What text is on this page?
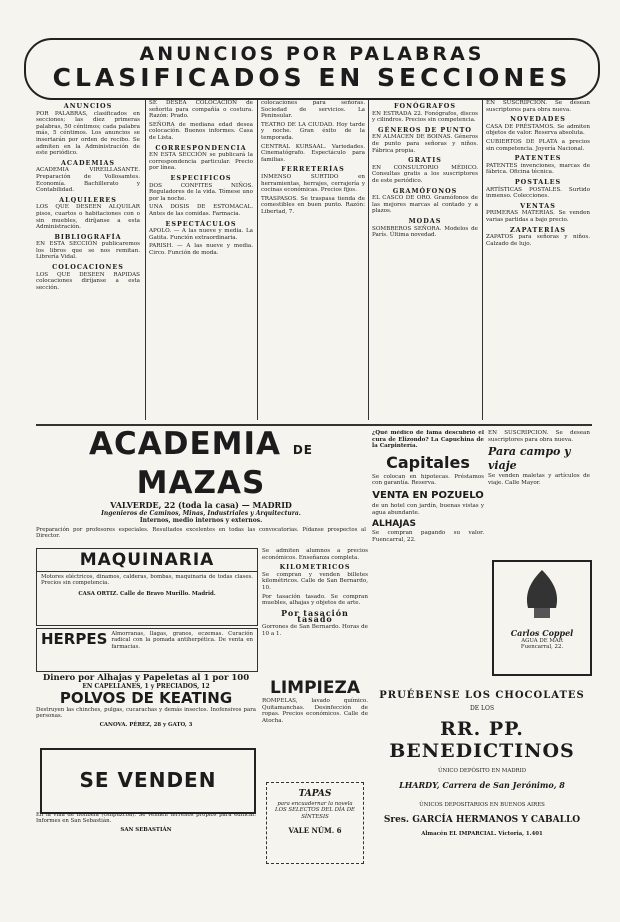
ANUNCIOS POR PALABRAS
CLASIFICADOS EN SECCIONES
ANUNCIOS
POR PALABRAS, clasificados en secciones; las diez primeras palabras, 50 céntimos; cada palabra más, 5 céntimos. Los anuncios se insertarán por orden de recibo. Se admiten en la Administración de este periódico.
ACADEMIAS
ACADEMIA VIREILLASANTE. Preparación de Vollosamtes. Economía. Bachillerato y Contabilidad.
ALQUILERES
LOS QUE DESEEN ALQUILAR pisos, cuartos o habitaciones con o sin muebles, diríjanse a esta Administración.
BIBLIOGRAFÍA
EN ESTA SECCIÓN publicaremos los libros que se nos remitan. Librería Vidal.
COLOCACIONES
LOS QUE DESEEN RAPIDAS colocaciones diríjanse a esta sección.
SE DESEA COLOCACIÓN de señorita para compañía o costura. Razón: Prado.
SEÑORA de mediana edad desea colocación. Buenos informes. Casa de Lista.
CORRESPONDENCIA
EN ESTA SECCIÓN se publicará la correspondencia particular. Precio por línea.
ESPECIFICOS
DOS CONFITES NIÑOS. Reguladores de la vida. Tómese uno por la noche.
UNA DOSIS DE ESTOMACAL. Antes de las comidas. Farmacia.
ESPECTÁCULOS
APOLO. — A las nueve y media. La Gatita. Función extraordinaria.
PARISH. — A las nueve y media. Circo. Función de moda.
colocaciones para señoras. Sociedad de servicios. La Peninsular.
TEATRO DE LA CIUDAD. Hoy tarde y noche. Gran éxito de la temporada.
CENTRAL KURSAAL. Variedades. Cinematógrafo. Espectáculo para familias.
FERRETERÍAS
INMENSO SURTIDO en herramientas, herrajes, cerrajería y cocinas económicas. Precios fijos.
TRASPASOS. Se traspasa tienda de comestibles en buen punto. Razón: Libertad, 7.
FONÓGRAFOS
EN ESTRADA 22. Fonógrafos, discos y cilindros. Precios sin competencia.
GÉNEROS DE PUNTO
EN ALMACEN DE BOINAS. Géneros de punto para señoras y niños. Fábrica propia.
GRATIS
EN CONSULTORIO MÉDICO. Consultas gratis a los suscriptores de este periódico.
GRAMÓFONOS
EL CASCO DE ORO. Gramófonos de las mejores marcas al contado y a plazos.
MODAS
SOMBREROS SEÑORA. Modelos de París. Última novedad.
EN SUSCRIPCIÓN. Se desean suscriptores para obra nueva.
NOVEDADES
CASA DE PRÉSTAMOS. Se admiten objetos de valor. Reserva absoluta.
CUBIERTOS DE PLATA a precios sin competencia. Joyería Nacional.
PATENTES
PATENTES invenciones, marcas de fábrica. Oficina técnica.
POSTALES
ARTÍSTICAS POSTALES. Surtido inmenso. Colecciones.
VENTAS
PRIMERAS MATERIAS. Se venden varias partidas a bajo precio.
ZAPATERÍAS
ZAPATOS para señoras y niños. Calzado de lujo.
ACADEMIA DE MAZAS
VALVERDE, 22 (toda la casa) — MADRID
Ingenieros de Caminos, Minas, Industriales y Arquitectura.
Internos, medio internos y externos.
Preparación por profesores especiales. Resultados excelentes en todas las convocatorias. Pídanse prospectos al Director.
MAQUINARIA
Motores eléctricos, dinamos, calderas, bombas, maquinaria de todas clases. Precios sin competencia.
CASA ORTIZ. Calle de Bravo Murillo. Madrid.
HERPES Almorranas, llagas, granos, eczemas. Curación radical con la pomada antiherpética. De venta en farmacias.
Dinero por Alhajas y Papeletas al 1 por 100
EN CAPELLANES, 1 y PRECIADOS, 12
POLVOS DE KEATING
Destruyen las chinches, pulgas, cucarachas y demás insectos. Inofensivos para personas.
CANOVA. PÉREZ, 28 y GATO, 3
SE VENDEN
En la villa de Bonbela (Guipúzcoa). Se venden terrenos propios para edificar. Informes en San Sebastián.
SAN SEBASTIÁN
Se admiten alumnos a precios económicos. Enseñanza completa.
KILOMETRICOS
Se compran y venden billetes kilométricos. Calle de San Bernardo, 10.
Por tasación tasado. Se compran muebles, alhajas y objetos de arte.
Por tasación tasado
Gorrones de San Bernardo. Horas de 10 a 1.
LIMPIEZA
ROMPELAS, lavado químico. Quitamanchas. Desinfección de ropas. Precios económicos. Calle de Atocha.
TAPAS
para encuadernar la novela LOS SELECTOS DEL DÍA DE SÍNTESIS
VALE NÚM. 6
¿Qué médico de fama descubrió el cura de Elizondo? La Capuchina de la Carpintería.
Capitales
Se colocan en hipotecas. Préstamos con garantía. Reserva.
VENTA EN POZUELO
de un hotel con jardín, buenas vistas y agua abundante.
ALHAJAS
Se compran pagando su valor. Fuencarral, 22.
EN SUSCRIPCIÓN. Se desean suscriptores para obra nueva.
Para campo y viaje
Se venden maletas y artículos de viaje. Calle Mayor.
Carlos Coppel
AGUA DE MAR
Fuencarral, 22.
PRUÉBENSE LOS CHOCOLATES
DE LOS
RR. PP. BENEDICTINOS
ÚNICO DEPÓSITO EN MADRID
LHARDY, Carrera de San Jerónimo, 8
ÚNICOS DEPOSITARIOS EN BUENOS AIRES
Sres. GARCÍA HERMANOS Y CABALLO
Almacén EL IMPARCIAL. Victoria, 1.401
